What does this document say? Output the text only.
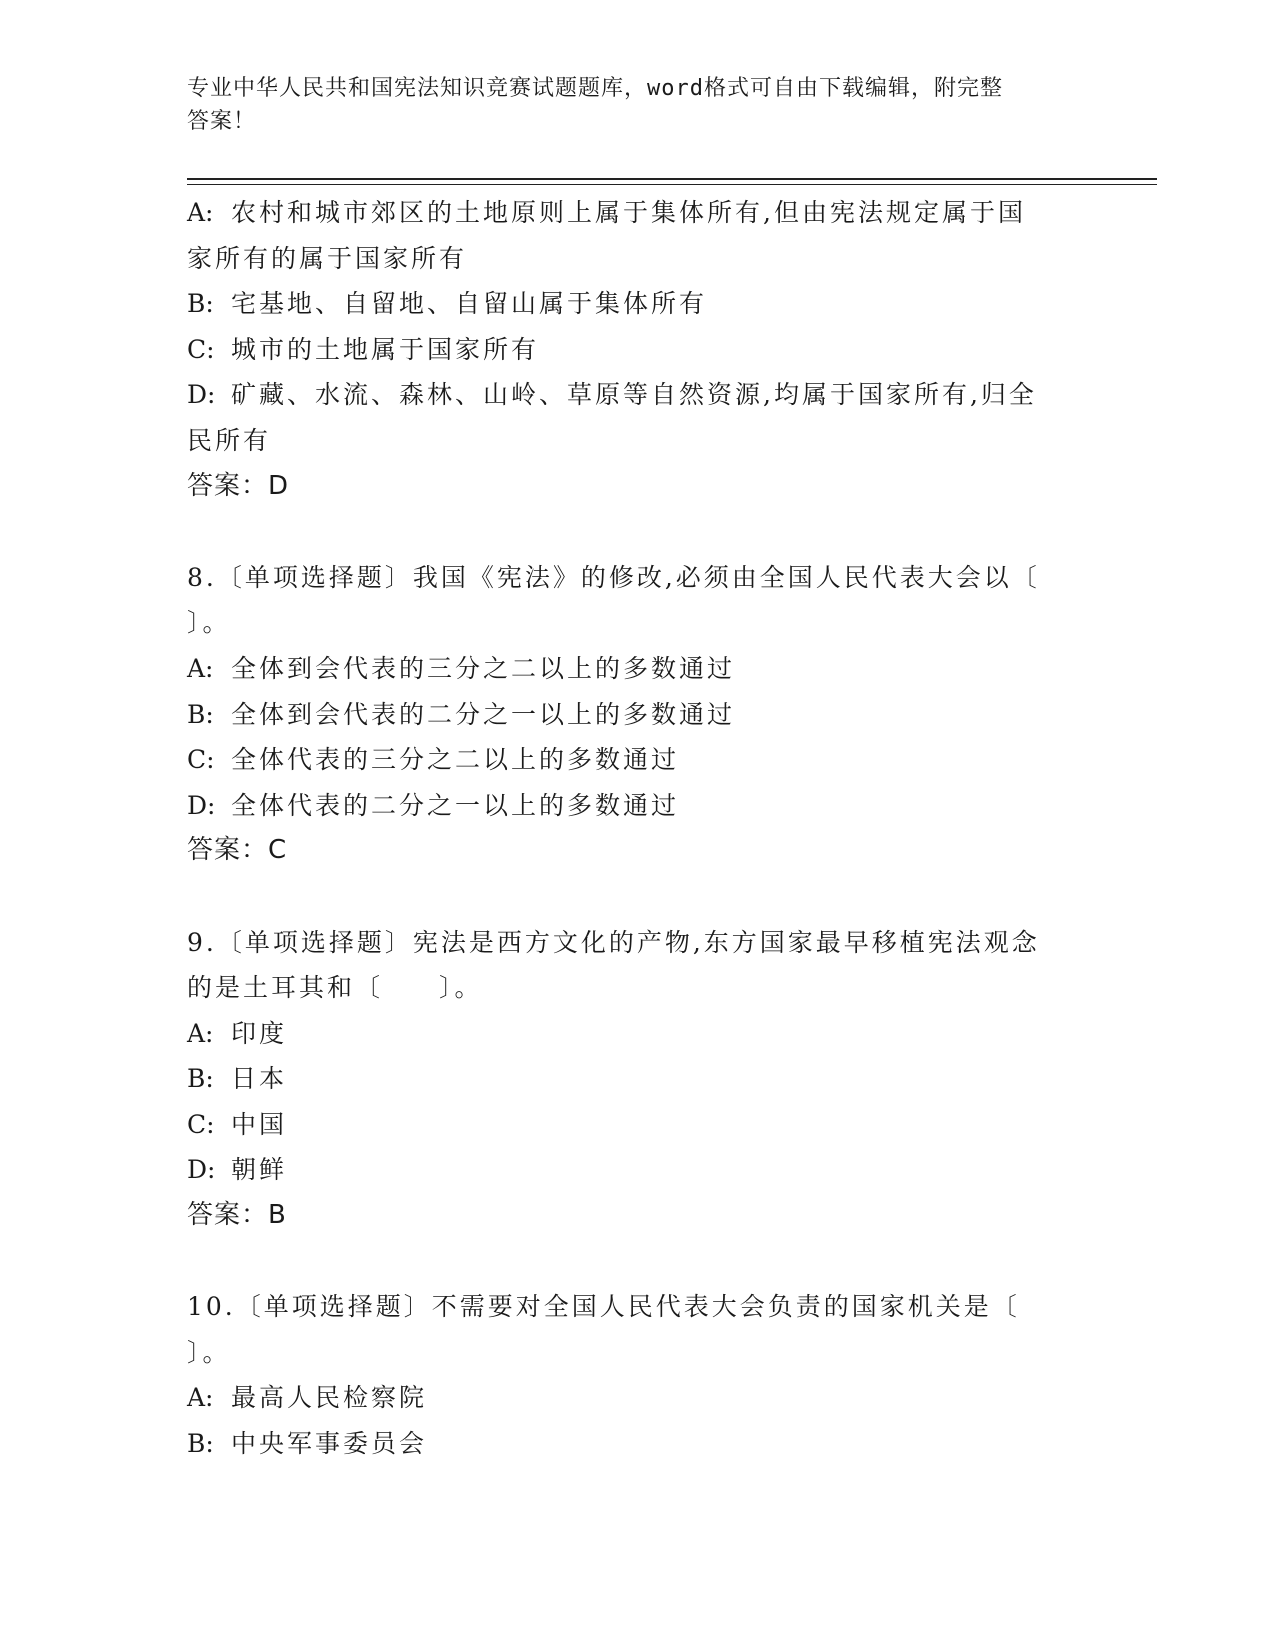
专业中华人民共和国宪法知识竞赛试题题库，word格式可自由下载编辑，附完整
答案！
A: 农村和城市郊区的土地原则上属于集体所有,但由宪法规定属于国
家所有的属于国家所有
B: 宅基地、自留地、自留山属于集体所有
C: 城市的土地属于国家所有
D: 矿藏、水流、森林、山岭、草原等自然资源,均属于国家所有,归全
民所有
答案：D
8.〔单项选择题〕我国《宪法》的修改,必须由全国人民代表大会以〔
〕。
A: 全体到会代表的三分之二以上的多数通过
B: 全体到会代表的二分之一以上的多数通过
C: 全体代表的三分之二以上的多数通过
D: 全体代表的二分之一以上的多数通过
答案：C
9.〔单项选择题〕宪法是西方文化的产物,东方国家最早移植宪法观念
的是土耳其和〔　　〕。
A: 印度
B: 日本
C: 中国
D: 朝鲜
答案：B
10.〔单项选择题〕不需要对全国人民代表大会负责的国家机关是〔
〕。
A: 最高人民检察院
B: 中央军事委员会
